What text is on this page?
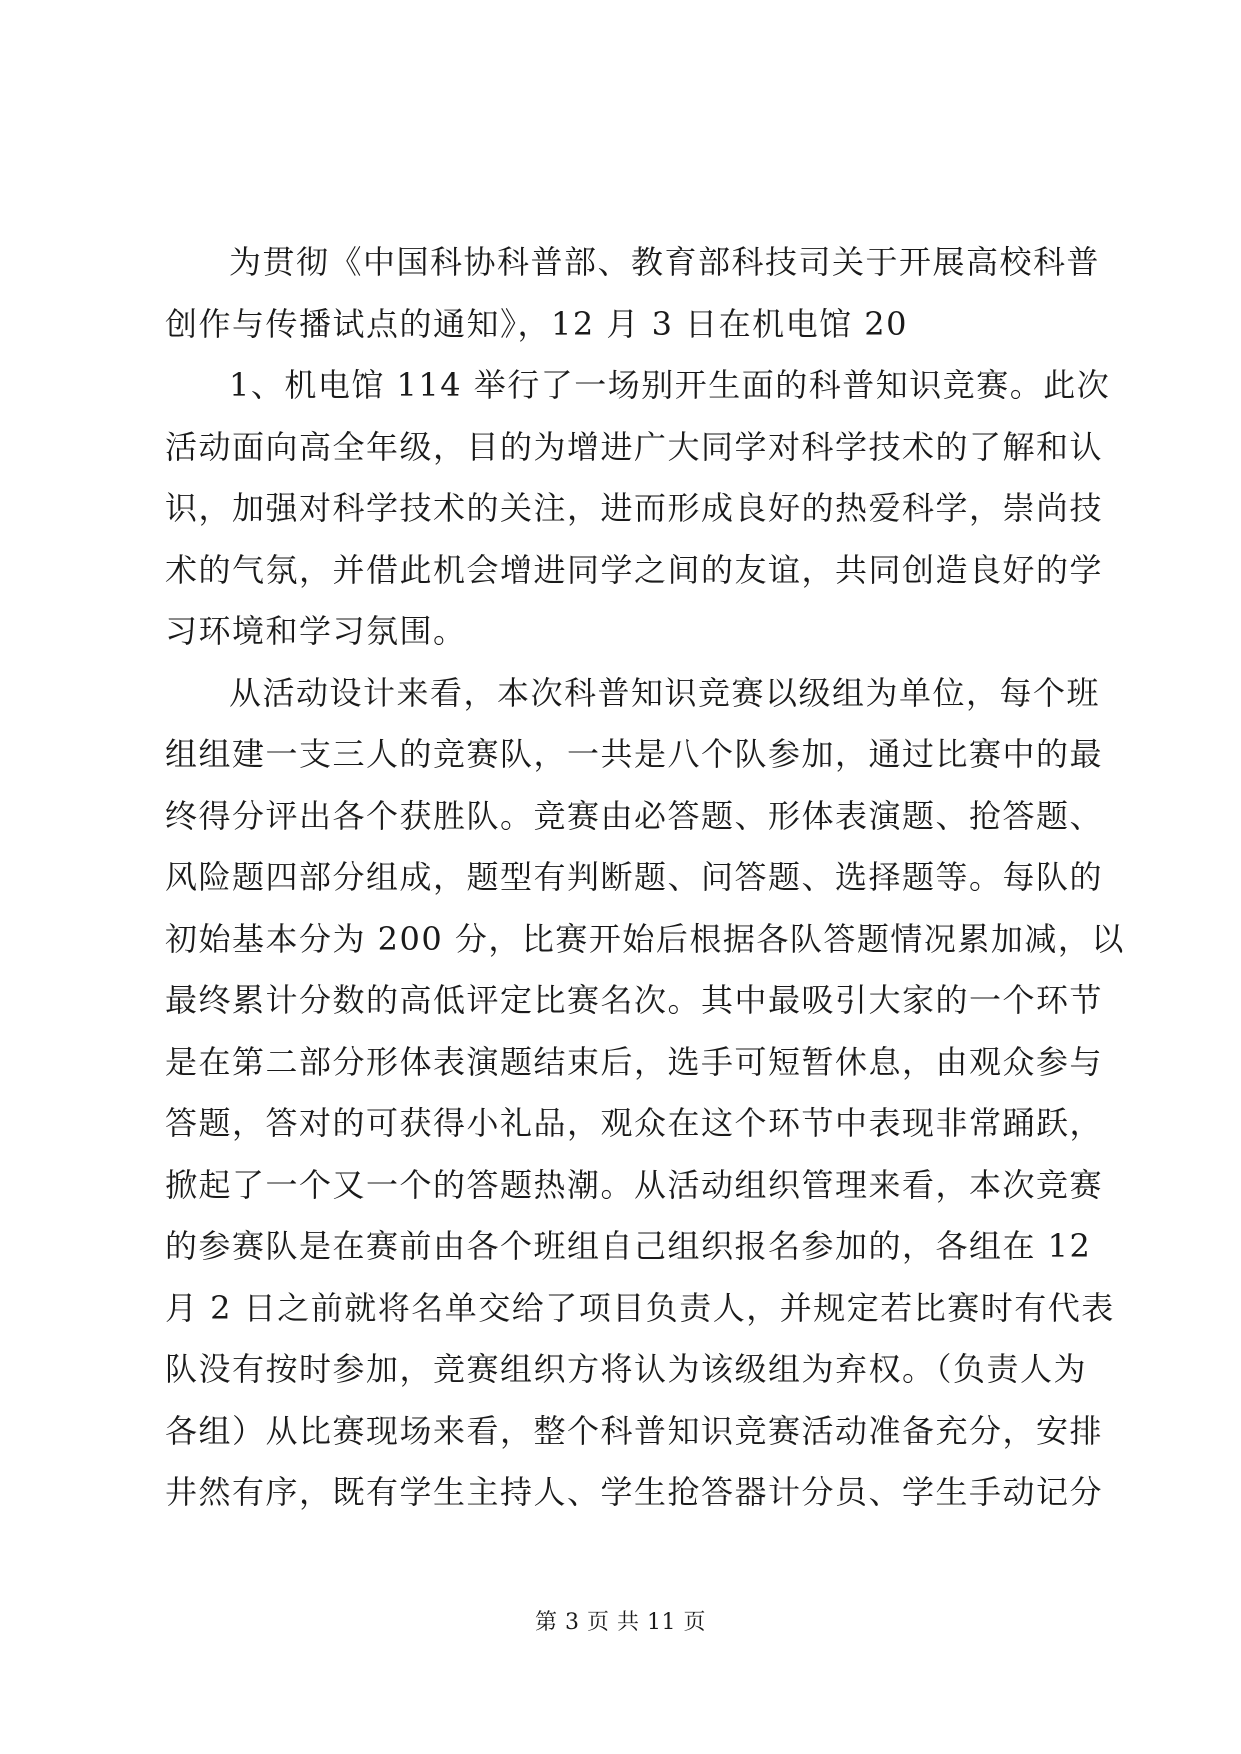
为贯彻《中国科协科普部、教育部科技司关于开展高校科普
创作与传播试点的通知》，12 月 3 日在机电馆 20

1、机电馆 114 举行了一场别开生面的科普知识竞赛。此次
活动面向高全年级，目的为增进广大同学对科学技术的了解和认
识，加强对科学技术的关注，进而形成良好的热爱科学，崇尚技
术的气氛，并借此机会增进同学之间的友谊，共同创造良好的学
习环境和学习氛围。

从活动设计来看，本次科普知识竞赛以级组为单位，每个班
组组建一支三人的竞赛队，一共是八个队参加，通过比赛中的最
终得分评出各个获胜队。竞赛由必答题、形体表演题、抢答题、
风险题四部分组成，题型有判断题、问答题、选择题等。每队的
初始基本分为 200 分，比赛开始后根据各队答题情况累加减，以
最终累计分数的高低评定比赛名次。其中最吸引大家的一个环节
是在第二部分形体表演题结束后，选手可短暂休息，由观众参与
答题，答对的可获得小礼品，观众在这个环节中表现非常踊跃，
掀起了一个又一个的答题热潮。从活动组织管理来看，本次竞赛
的参赛队是在赛前由各个班组自己组织报名参加的，各组在 12
月 2 日之前就将名单交给了项目负责人，并规定若比赛时有代表
队没有按时参加，竞赛组织方将认为该级组为弃权。（负责人为
各组）从比赛现场来看，整个科普知识竞赛活动准备充分，安排
井然有序，既有学生主持人、学生抢答器计分员、学生手动记分

第 3 页 共 11 页
